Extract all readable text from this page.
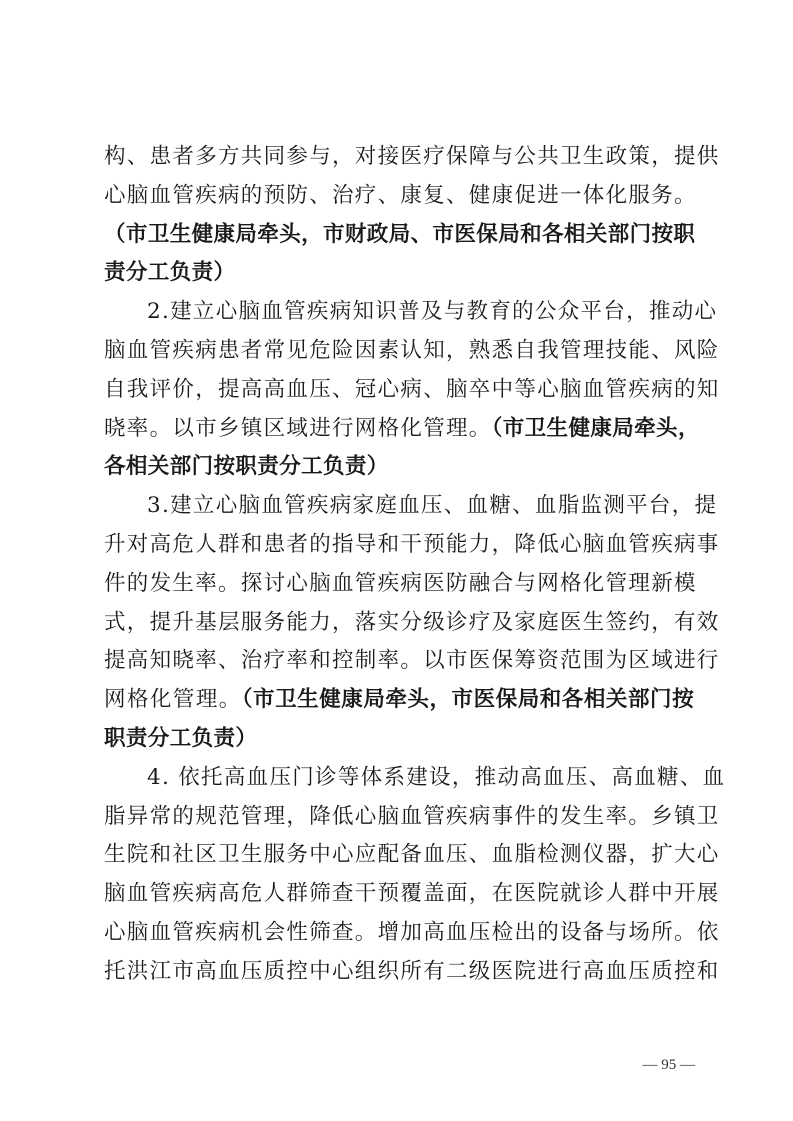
构、患者多方共同参与，对接医疗保障与公共卫生政策，提供
心脑血管疾病的预防、治疗、康复、健康促进一体化服务。
（市卫生健康局牵头，市财政局、市医保局和各相关部门按职
责分工负责）
2.建立心脑血管疾病知识普及与教育的公众平台，推动心
脑血管疾病患者常见危险因素认知，熟悉自我管理技能、风险
自我评价，提高高血压、冠心病、脑卒中等心脑血管疾病的知
晓率。以市乡镇区域进行网格化管理。（市卫生健康局牵头，
各相关部门按职责分工负责）
3.建立心脑血管疾病家庭血压、血糖、血脂监测平台，提
升对高危人群和患者的指导和干预能力，降低心脑血管疾病事
件的发生率。探讨心脑血管疾病医防融合与网格化管理新模
式，提升基层服务能力，落实分级诊疗及家庭医生签约，有效
提高知晓率、治疗率和控制率。以市医保筹资范围为区域进行
网格化管理。（市卫生健康局牵头，市医保局和各相关部门按
职责分工负责）
4. 依托高血压门诊等体系建设，推动高血压、高血糖、血
脂异常的规范管理，降低心脑血管疾病事件的发生率。乡镇卫
生院和社区卫生服务中心应配备血压、血脂检测仪器，扩大心
脑血管疾病高危人群筛查干预覆盖面，在医院就诊人群中开展
心脑血管疾病机会性筛查。增加高血压检出的设备与场所。依
托洪江市高血压质控中心组织所有二级医院进行高血压质控和
— 95 —
